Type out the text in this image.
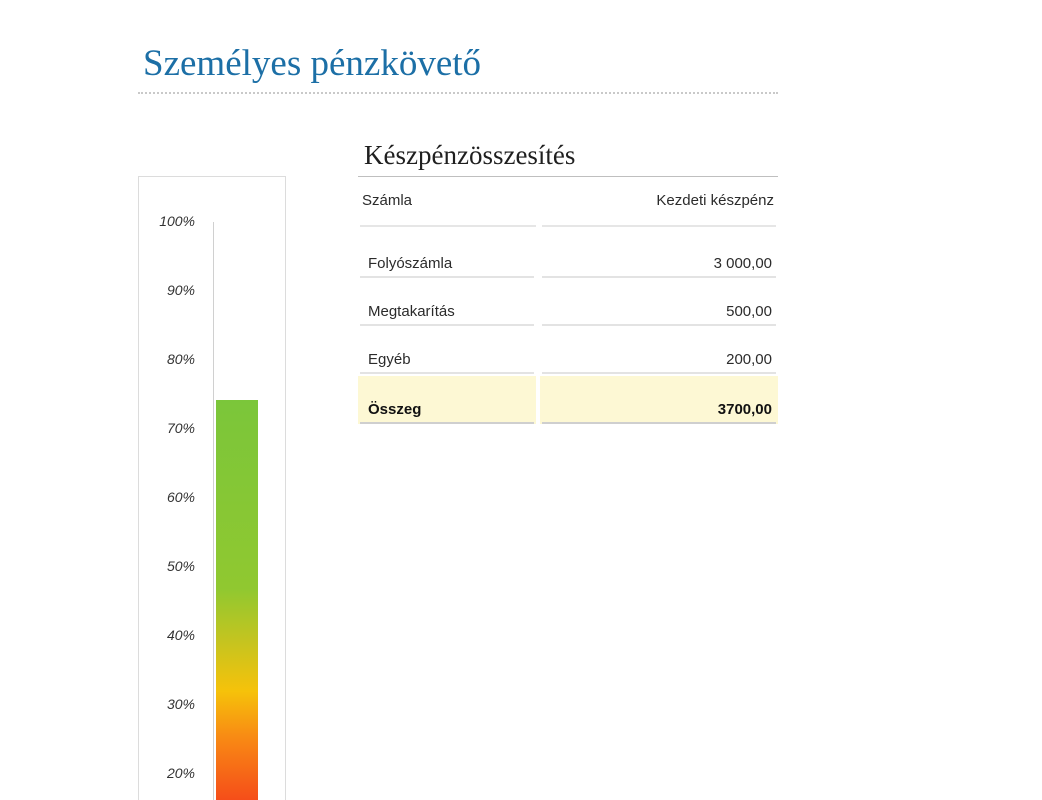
Személyes pénzkövető
100%
90%
80%
70%
60%
50%
40%
30%
20%
Készpénzösszesítés
Számla	Kezdeti készpénz
Folyószámla	3 000,00
Megtakarítás	500,00
Egyéb	200,00
Összeg	3700,00
